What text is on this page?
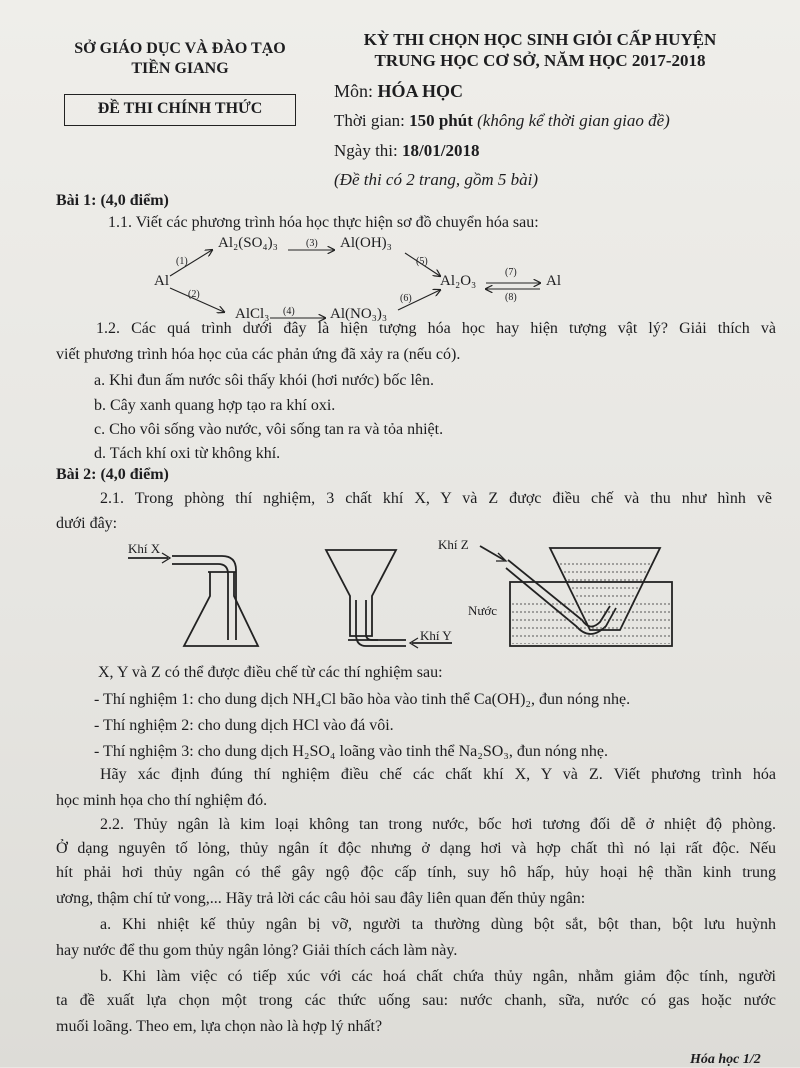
SỞ GIÁO DỤC VÀ ĐÀO TẠO
TIỀN GIANG
ĐỀ THI CHÍNH THỨC
KỲ THI CHỌN HỌC SINH GIỎI CẤP HUYỆN
TRUNG HỌC CƠ SỞ, NĂM HỌC 2017-2018
Môn: HÓA HỌC
Thời gian: 150 phút (không kể thời gian giao đề)
Ngày thi: 18/01/2018
(Đề thi có 2 trang, gồm 5 bài)
Bài 1: (4,0 điểm)
1.1. Viết các phương trình hóa học thực hiện sơ đồ chuyển hóa sau:
Al
Al₂(SO₄)₃	Al(OH)₃
AlCl₃	Al(NO₃)₃
Al₂O₃	Al
(1)
(2)
(3)
(4)
(5)
(6)
(7)
(8)
1.2. Các quá trình dưới đây là hiện tượng hóa học hay hiện tượng vật lý? Giải thích và
viết phương trình hóa học của các phản ứng đã xảy ra (nếu có).
a. Khi đun ấm nước sôi thấy khói (hơi nước) bốc lên.
b. Cây xanh quang hợp tạo ra khí oxi.
c. Cho vôi sống vào nước, vôi sống tan ra và tỏa nhiệt.
d. Tách khí oxi từ không khí.
Bài 2: (4,0 điểm)
2.1. Trong phòng thí nghiệm, 3 chất khí X, Y và Z được điều chế và thu như hình vẽ
dưới đây:
Khí X
Khí Y
Khí Z
Nước
X, Y và Z có thể được điều chế từ các thí nghiệm sau:
- Thí nghiệm 1: cho dung dịch NH₄Cl bão hòa vào tinh thể Ca(OH)₂, đun nóng nhẹ.
- Thí nghiệm 2: cho dung dịch HCl vào đá vôi.
- Thí nghiệm 3: cho dung dịch H₂SO₄ loãng vào tinh thể Na₂SO₃, đun nóng nhẹ.
Hãy xác định đúng thí nghiệm điều chế các chất khí X, Y và Z. Viết phương trình hóa
học minh họa cho thí nghiệm đó.
2.2. Thủy ngân là kim loại không tan trong nước, bốc hơi tương đối dễ ở nhiệt độ phòng.
Ở dạng nguyên tố lỏng, thủy ngân ít độc nhưng ở dạng hơi và hợp chất thì nó lại rất độc. Nếu
hít phải hơi thủy ngân có thể gây ngộ độc cấp tính, suy hô hấp, hủy hoại hệ thần kinh trung
ương, thậm chí tử vong,... Hãy trả lời các câu hỏi sau đây liên quan đến thủy ngân:
a. Khi nhiệt kế thủy ngân bị vỡ, người ta thường dùng bột sắt, bột than, bột lưu huỳnh
hay nước để thu gom thủy ngân lỏng? Giải thích cách làm này.
b. Khi làm việc có tiếp xúc với các hoá chất chứa thủy ngân, nhằm giảm độc tính, người
ta đề xuất lựa chọn một trong các thức uống sau: nước chanh, sữa, nước có gas hoặc nước
muối loãng. Theo em, lựa chọn nào là hợp lý nhất?
Hóa học 1/2
